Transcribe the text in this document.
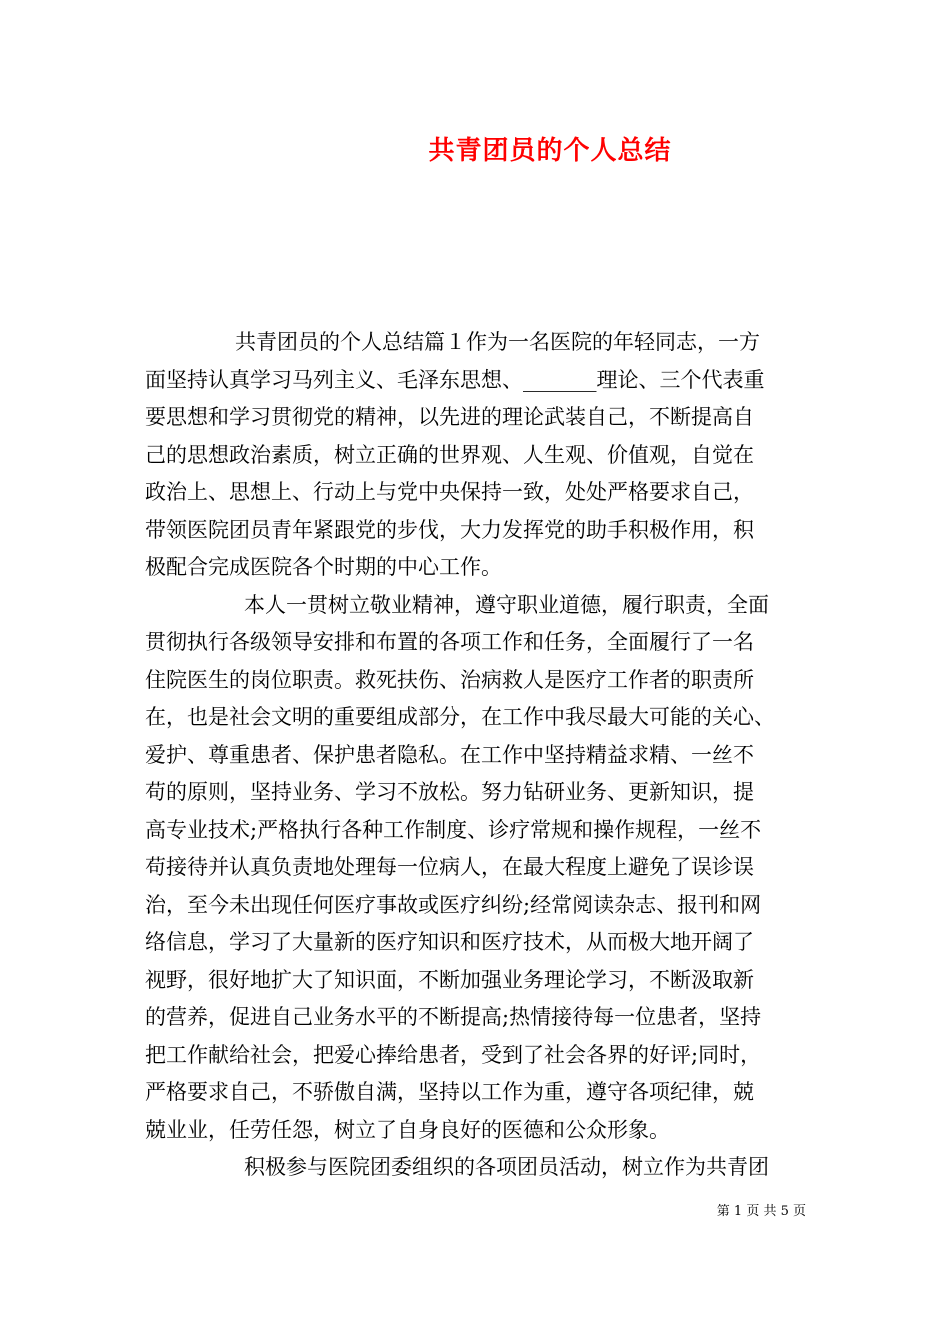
共青团员的个人总结
共青团员的个人总结篇１作为一名医院的年轻同志，一方
面坚持认真学习马列主义、毛泽东思想、_______理论、三个代表重
要思想和学习贯彻党的精神，以先进的理论武装自己，不断提高自
己的思想政治素质，树立正确的世界观、人生观、价值观，自觉在
政治上、思想上、行动上与党中央保持一致，处处严格要求自己，
带领医院团员青年紧跟党的步伐，大力发挥党的助手积极作用，积
极配合完成医院各个时期的中心工作。
本人一贯树立敬业精神，遵守职业道德，履行职责，全面
贯彻执行各级领导安排和布置的各项工作和任务，全面履行了一名
住院医生的岗位职责。救死扶伤、治病救人是医疗工作者的职责所
在，也是社会文明的重要组成部分，在工作中我尽最大可能的关心、
爱护、尊重患者、保护患者隐私。在工作中坚持精益求精、一丝不
苟的原则，坚持业务、学习不放松。努力钻研业务、更新知识，提
高专业技术;严格执行各种工作制度、诊疗常规和操作规程，一丝不
苟接待并认真负责地处理每一位病人，在最大程度上避免了误诊误
治，至今未出现任何医疗事故或医疗纠纷;经常阅读杂志、报刊和网
络信息，学习了大量新的医疗知识和医疗技术，从而极大地开阔了
视野，很好地扩大了知识面，不断加强业务理论学习，不断汲取新
的营养，促进自己业务水平的不断提高;热情接待每一位患者，坚持
把工作献给社会，把爱心捧给患者，受到了社会各界的好评;同时，
严格要求自己，不骄傲自满，坚持以工作为重，遵守各项纪律，兢
兢业业，任劳任怨，树立了自身良好的医德和公众形象。
积极参与医院团委组织的各项团员活动，树立作为共青团
第 1 页 共 5 页
